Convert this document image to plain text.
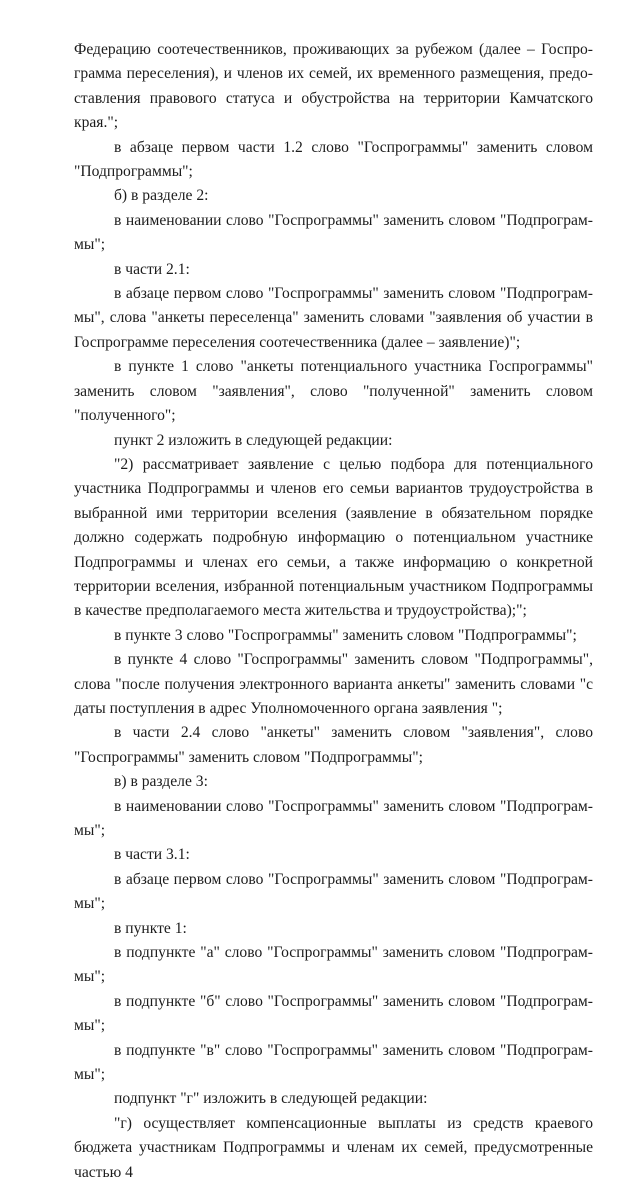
Федерацию соотечественников, проживающих за рубежом (далее – Госпрограмма переселения), и членов их семей, их временного размещения, предоставления правового статуса и обустройства на территории Камчатского края.";

в абзаце первом части 1.2 слово "Госпрограммы" заменить словом "Подпрограммы";

б) в разделе 2:

в наименовании слово "Госпрограммы" заменить словом "Подпрограммы";

в части 2.1:

в абзаце первом слово "Госпрограммы" заменить словом "Подпрограммы", слова "анкеты переселенца" заменить словами "заявления об участии в Госпрограмме переселения соотечественника (далее – заявление)";

в пункте 1 слово "анкеты потенциального участника Госпрограммы" заменить словом "заявления", слово "полученной" заменить словом "полученного";

пункт 2 изложить в следующей редакции:

"2) рассматривает заявление с целью подбора для потенциального участника Подпрограммы и членов его семьи вариантов трудоустройства в выбранной ими территории вселения (заявление в обязательном порядке должно содержать подробную информацию о потенциальном участнике Подпрограммы и членах его семьи, а также информацию о конкретной территории вселения, избранной потенциальным участником Подпрограммы в качестве предполагаемого места жительства и трудоустройства);";

в пункте 3 слово "Госпрограммы" заменить словом "Подпрограммы";

в пункте 4 слово "Госпрограммы" заменить словом "Подпрограммы", слова "после получения электронного варианта анкеты" заменить словами "с даты поступления в адрес Уполномоченного органа заявления ";

в части 2.4 слово "анкеты" заменить словом "заявления", слово "Госпрограммы" заменить словом "Подпрограммы";

в) в разделе 3:

в наименовании слово "Госпрограммы" заменить словом "Подпрограммы";

в части 3.1:

в абзаце первом слово "Госпрограммы" заменить словом "Подпрограммы";

в пункте 1:

в подпункте "а" слово "Госпрограммы" заменить словом "Подпрограммы";

в подпункте "б" слово "Госпрограммы" заменить словом "Подпрограммы";

в подпункте "в" слово "Госпрограммы" заменить словом "Подпрограммы";

подпункт "г" изложить в следующей редакции:

"г) осуществляет компенсационные выплаты из средств краевого бюджета участникам Подпрограммы и членам их семей, предусмотренные частью 4
